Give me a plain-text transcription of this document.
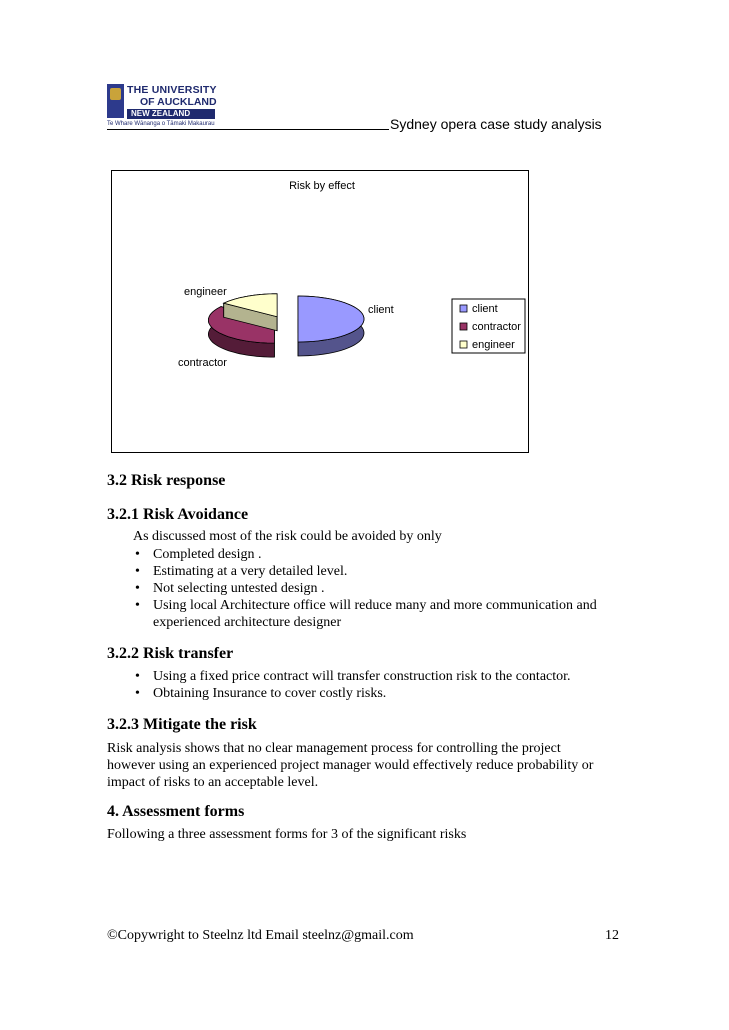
THE UNIVERSITY
OF AUCKLAND
NEW ZEALAND
Te Whare Wānanga o Tāmaki Makaurau	Sydney opera case study analysis
Risk by effect
client
contractor
engineer
client
contractor
engineer
3.2 Risk response
3.2.1 Risk Avoidance
As discussed most of the risk could be avoided by only
• Completed design .
• Estimating at a very detailed level.
• Not selecting untested design .
• Using local Architecture office will reduce many and more communication and
experienced architecture designer
3.2.2 Risk transfer
• Using a fixed price contract will transfer construction risk to the contactor.
• Obtaining Insurance to cover costly risks.
3.2.3 Mitigate the risk
Risk analysis shows that no clear management process for controlling the project
however using an experienced project manager would effectively reduce probability or
impact of risks to an acceptable level.
4. Assessment forms
Following a three assessment forms for 3 of the significant risks
©Copywright to Steelnz ltd Email steelnz@gmail.com	12
